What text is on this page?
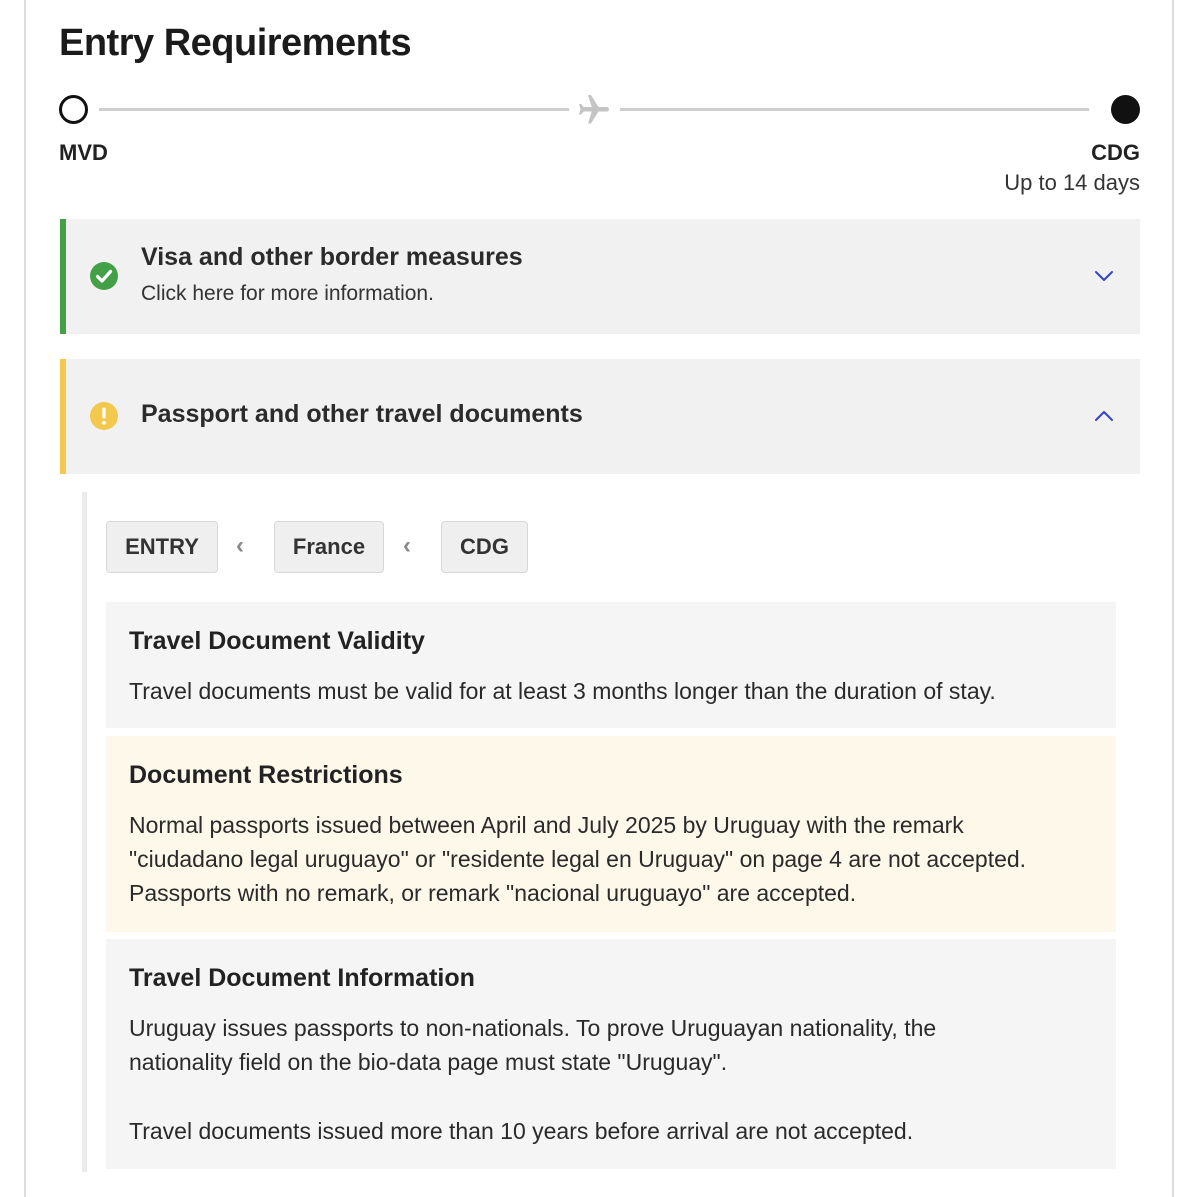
Entry Requirements
MVD	CDG
Up to 14 days
Visa and other border measures
Click here for more information.
Passport and other travel documents
ENTRY	‹	France	‹	CDG
Travel Document Validity
Travel documents must be valid for at least 3 months longer than the duration of stay.
Document Restrictions
Normal passports issued between April and July 2025 by Uruguay with the remark "ciudadano legal uruguayo" or "residente legal en Uruguay" on page 4 are not accepted. Passports with no remark, or remark "nacional uruguayo" are accepted.
Travel Document Information
Uruguay issues passports to non-nationals. To prove Uruguayan nationality, the nationality field on the bio-data page must state "Uruguay".
Travel documents issued more than 10 years before arrival are not accepted.
